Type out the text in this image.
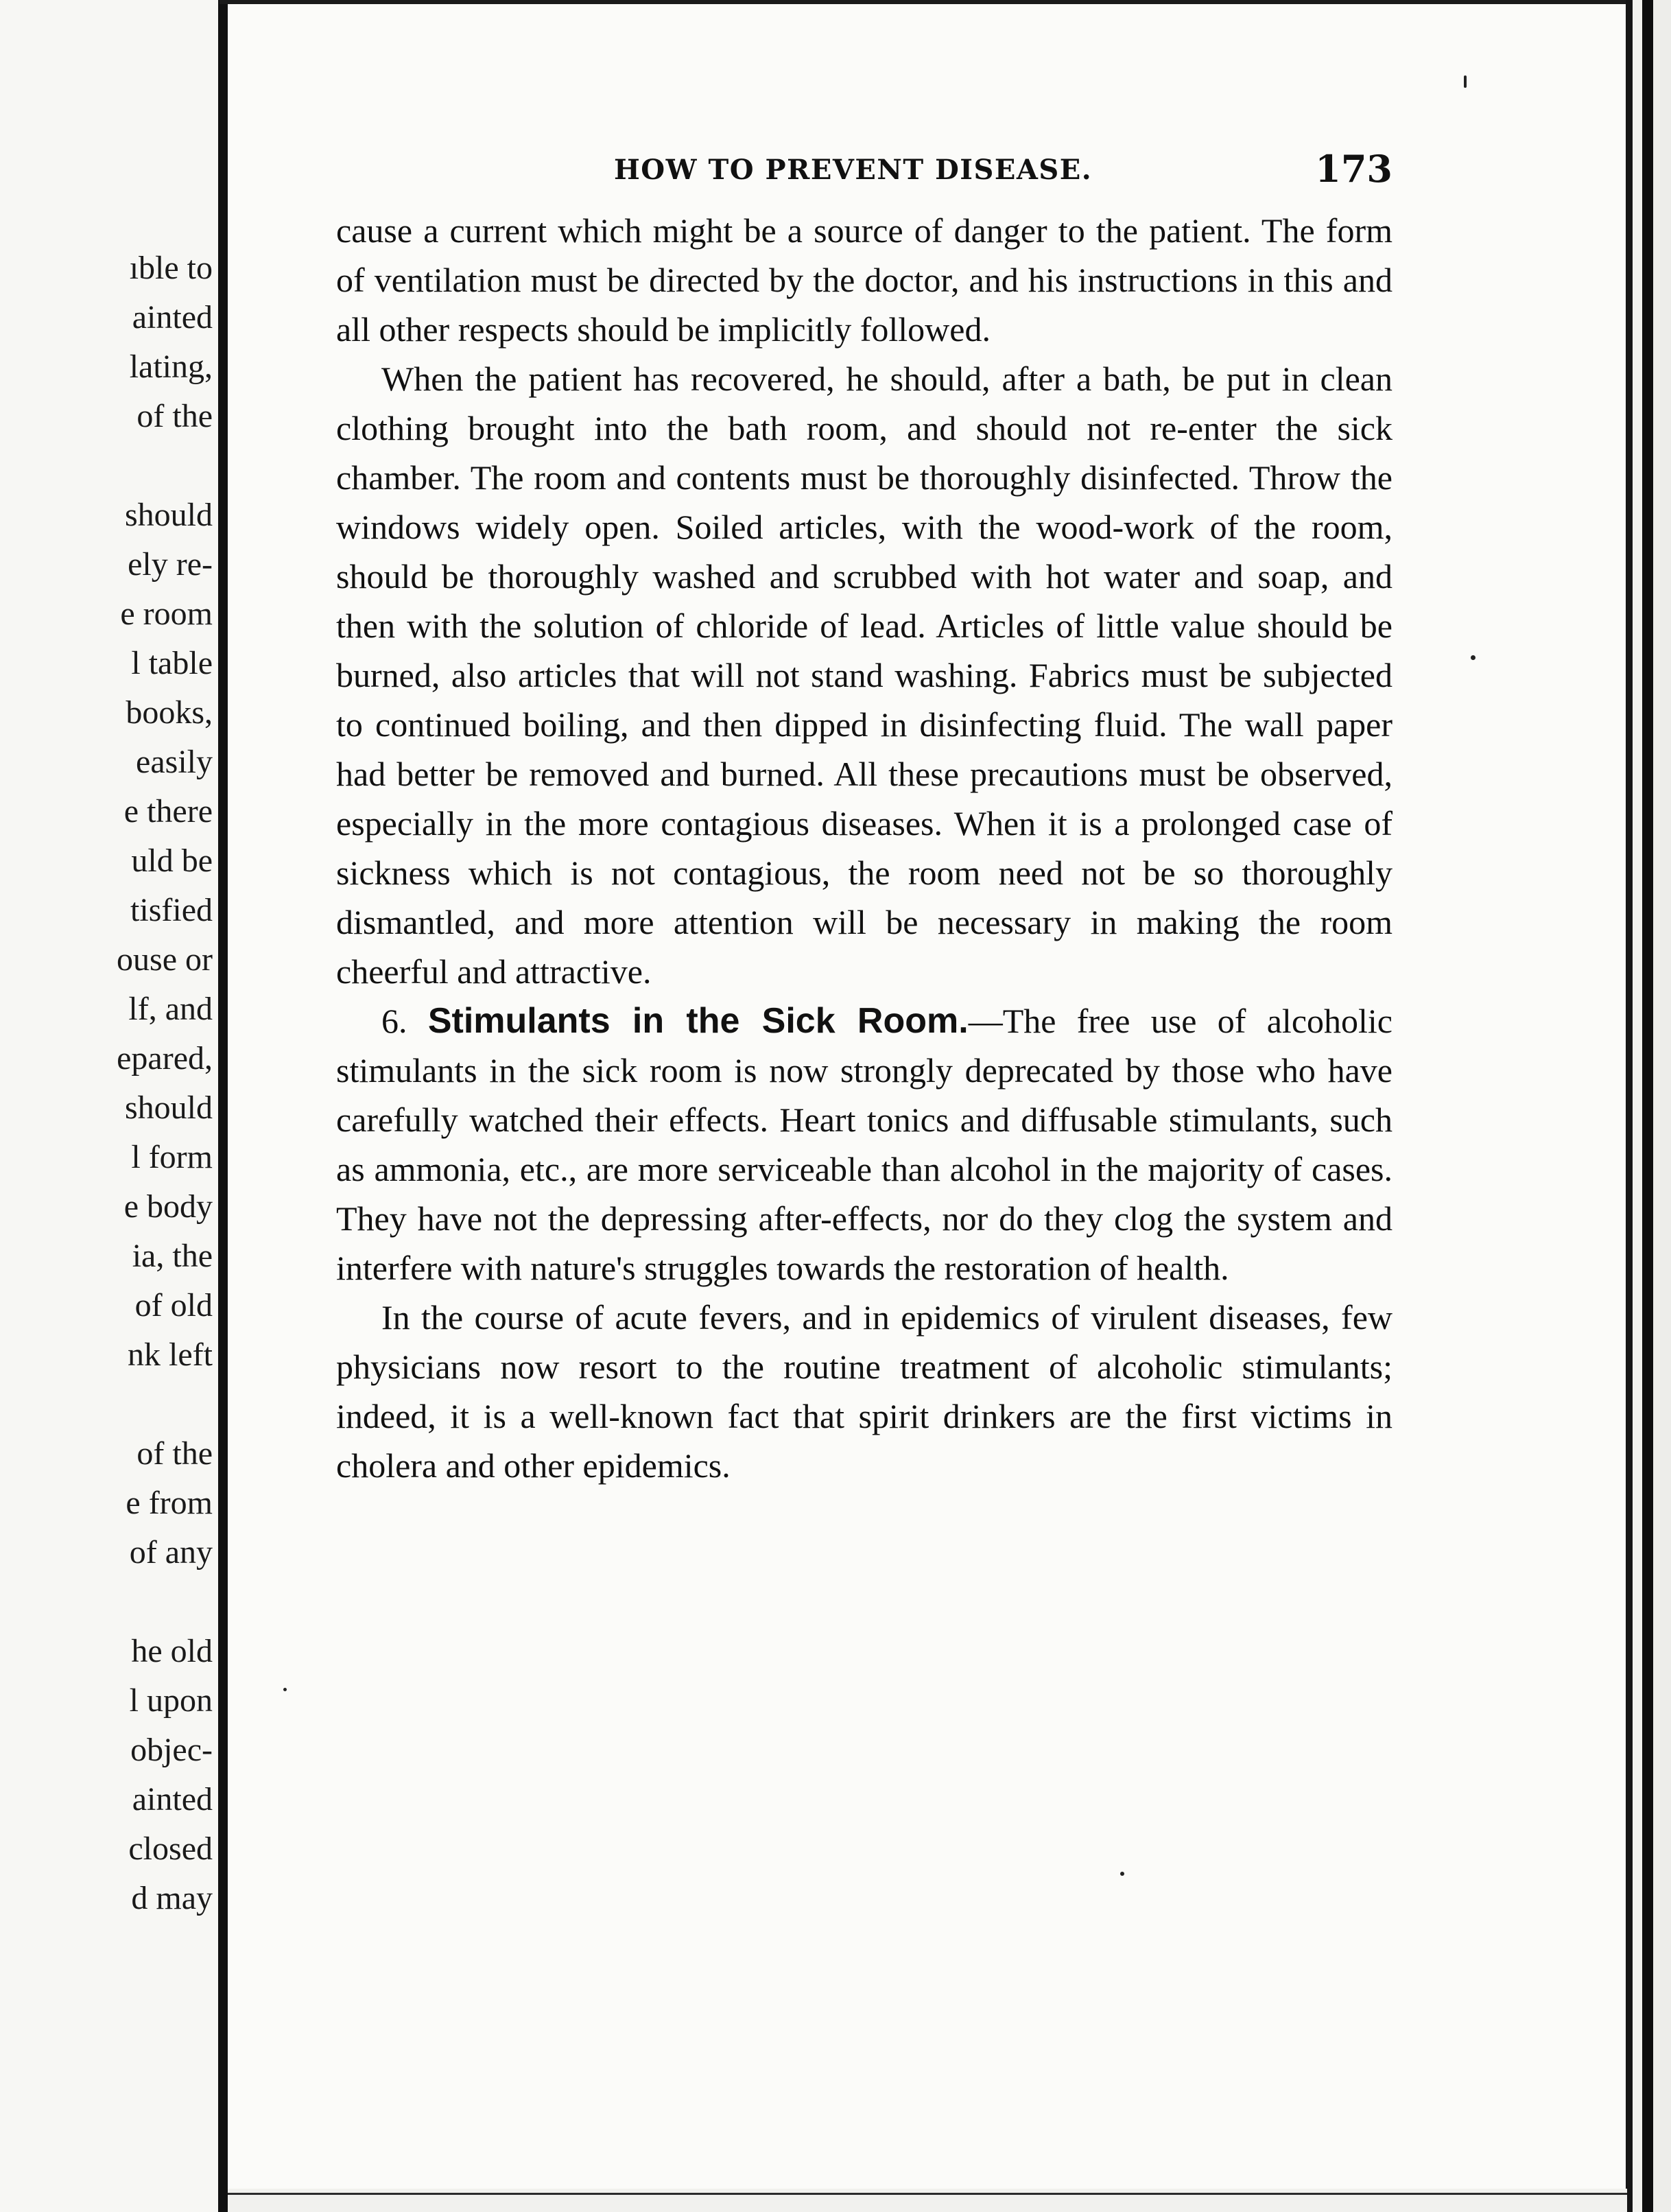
ıble to
ainted
lating,
of the
should
ely re-
e room
l table
books,
easily
e there
uld be
tisfied
ouse or
lf, and
epared,
should
l form
e body
ia, the
of old
nk left
of the
e from
of any
he old
l upon
objec-
ainted
closed
d may
HOW TO PREVENT DISEASE.	173

cause a current which might be a source of danger to the patient. The form of ventilation must be directed by the doctor, and his instructions in this and all other respects should be implicitly followed.

When the patient has recovered, he should, after a bath, be put in clean clothing brought into the bath room, and should not re-enter the sick chamber. The room and contents must be thoroughly disinfected. Throw the windows widely open. Soiled articles, with the wood-work of the room, should be thoroughly washed and scrubbed with hot water and soap, and then with the solution of chloride of lead. Articles of little value should be burned, also articles that will not stand washing. Fabrics must be subjected to continued boiling, and then dipped in disinfecting fluid. The wall paper had better be removed and burned. All these precautions must be observed, especially in the more contagious diseases. When it is a prolonged case of sickness which is not contagious, the room need not be so thoroughly dismantled, and more attention will be necessary in making the room cheerful and attractive.

6. Stimulants in the Sick Room.—The free use of alcoholic stimulants in the sick room is now strongly deprecated by those who have carefully watched their effects. Heart tonics and diffusable stimulants, such as ammonia, etc., are more serviceable than alcohol in the majority of cases. They have not the depressing after-effects, nor do they clog the system and interfere with nature's struggles towards the restoration of health.

In the course of acute fevers, and in epidemics of virulent diseases, few physicians now resort to the routine treatment of alcoholic stimulants; indeed, it is a well-known fact that spirit drinkers are the first victims in cholera and other epidemics.
